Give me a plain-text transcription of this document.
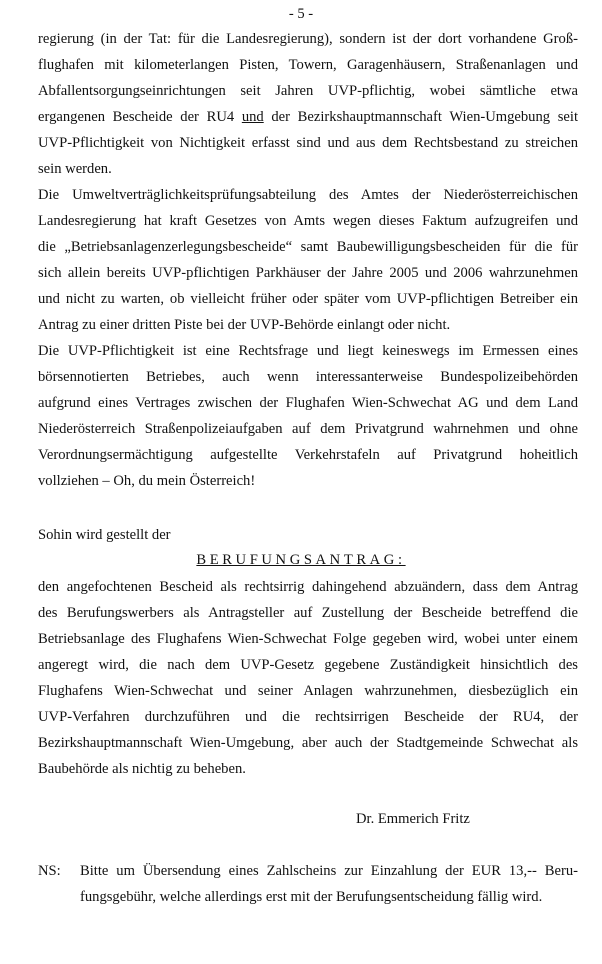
- 5 -
regierung (in der Tat: für die Landesregierung), sondern ist der dort vorhandene Groß-
flughafen mit kilometerlangen Pisten, Towern, Garagenhäusern, Straßenanlagen und
Abfallentsorgungseinrichtungen seit Jahren UVP-pflichtig, wobei sämtliche etwa
ergangenen Bescheide der RU4 und der Bezirkshauptmannschaft Wien-Umgebung seit
UVP-Pflichtigkeit von Nichtigkeit erfasst sind und aus dem Rechtsbestand zu streichen
sein werden.
Die Umweltverträglichkeitsprüfungsabteilung des Amtes der Niederösterreichischen
Landesregierung hat kraft Gesetzes von Amts wegen dieses Faktum aufzugreifen und
die „Betriebsanlagenzerlegungsbescheide“ samt Baubewilligungsbescheiden für die für
sich allein bereits UVP-pflichtigen Parkhäuser der Jahre 2005 und 2006 wahrzunehmen
und nicht zu warten, ob vielleicht früher oder später vom UVP-pflichtigen Betreiber ein
Antrag zu einer dritten Piste bei der UVP-Behörde einlangt oder nicht.
Die UVP-Pflichtigkeit ist eine Rechtsfrage und liegt keineswegs im Ermessen eines
börsennotierten Betriebes, auch wenn interessanterweise Bundespolizeibehörden
aufgrund eines Vertrages zwischen der Flughafen Wien-Schwechat AG und dem Land
Niederösterreich Straßenpolizeiaufgaben auf dem Privatgrund wahrnehmen und ohne
Verordnungsermächtigung aufgestellte Verkehrstafeln auf Privatgrund hoheitlich
vollziehen – Oh, du mein Österreich!
Sohin wird gestellt der
BERUFUNGSANTRAG:
den angefochtenen Bescheid als rechtsirrig dahingehend abzuändern, dass dem Antrag
des Berufungswerbers als Antragsteller auf Zustellung der Bescheide betreffend die
Betriebsanlage des Flughafens Wien-Schwechat Folge gegeben wird, wobei unter einem
angeregt wird, die nach dem UVP-Gesetz gegebene Zuständigkeit hinsichtlich des
Flughafens Wien-Schwechat und seiner Anlagen wahrzunehmen, diesbezüglich ein
UVP-Verfahren durchzuführen und die rechtsirrigen Bescheide der RU4, der
Bezirkshauptmannschaft Wien-Umgebung, aber auch der Stadtgemeinde Schwechat als
Baubehörde als nichtig zu beheben.
Dr. Emmerich Fritz
NS: Bitte um Übersendung eines Zahlscheins zur Einzahlung der EUR 13,-- Beru-
fungsgebühr, welche allerdings erst mit der Berufungsentscheidung fällig wird.
